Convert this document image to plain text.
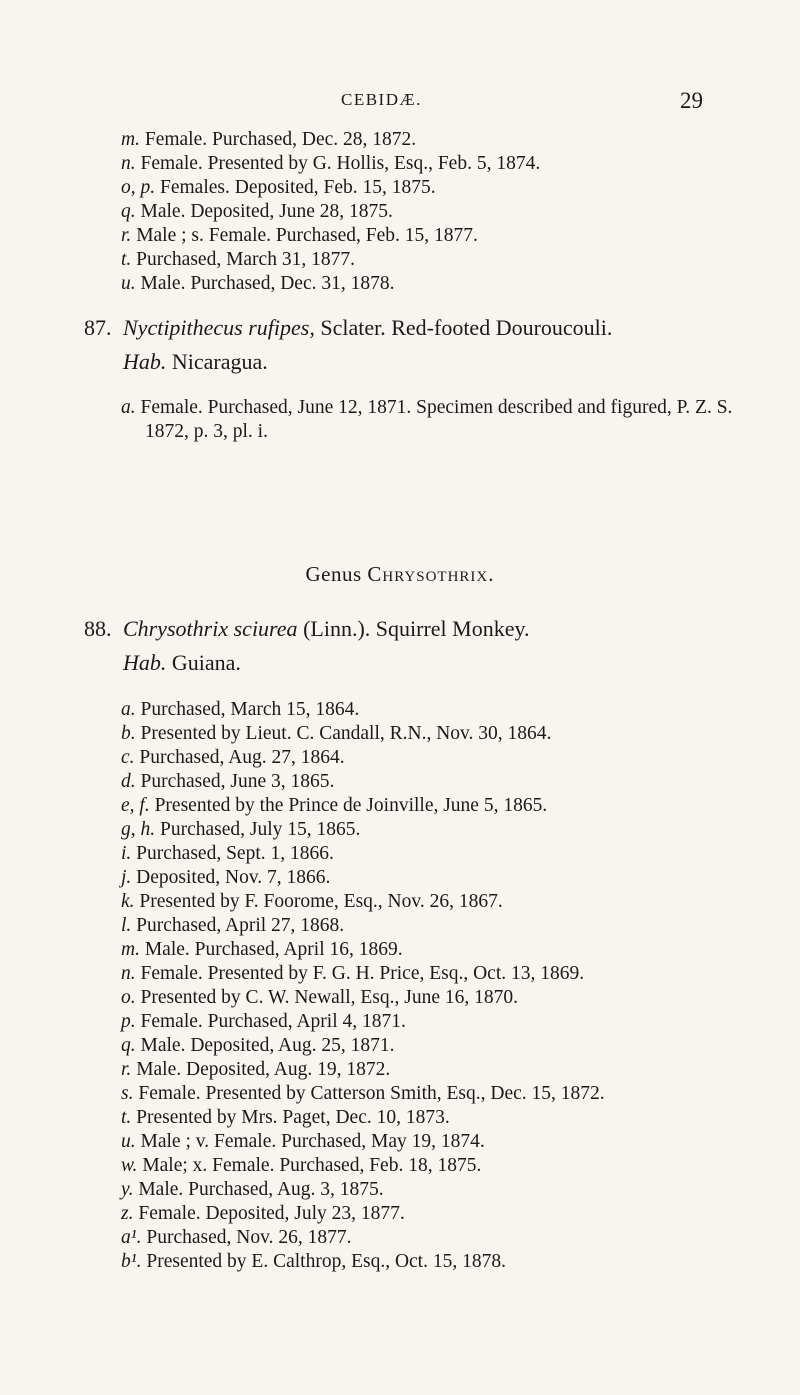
CEBIDÆ.	29
m. Female. Purchased, Dec. 28, 1872.
n. Female. Presented by G. Hollis, Esq., Feb. 5, 1874.
o, p. Females. Deposited, Feb. 15, 1875.
q. Male. Deposited, June 28, 1875.
r. Male ; s. Female. Purchased, Feb. 15, 1877.
t. Purchased, March 31, 1877.
u. Male. Purchased, Dec. 31, 1878.
87. Nyctipithecus rufipes, Sclater. Red-footed Douroucouli.
Hab. Nicaragua.
a. Female. Purchased, June 12, 1871. Specimen described and figured, P. Z. S. 1872, p. 3, pl. i.
Genus Chrysothrix.
88. Chrysothrix sciurea (Linn.). Squirrel Monkey.
Hab. Guiana.
a. Purchased, March 15, 1864.
b. Presented by Lieut. C. Candall, R.N., Nov. 30, 1864.
c. Purchased, Aug. 27, 1864.
d. Purchased, June 3, 1865.
e, f. Presented by the Prince de Joinville, June 5, 1865.
g, h. Purchased, July 15, 1865.
i. Purchased, Sept. 1, 1866.
j. Deposited, Nov. 7, 1866.
k. Presented by F. Foorome, Esq., Nov. 26, 1867.
l. Purchased, April 27, 1868.
m. Male. Purchased, April 16, 1869.
n. Female. Presented by F. G. H. Price, Esq., Oct. 13, 1869.
o. Presented by C. W. Newall, Esq., June 16, 1870.
p. Female. Purchased, April 4, 1871.
q. Male. Deposited, Aug. 25, 1871.
r. Male. Deposited, Aug. 19, 1872.
s. Female. Presented by Catterson Smith, Esq., Dec. 15, 1872.
t. Presented by Mrs. Paget, Dec. 10, 1873.
u. Male ; v. Female. Purchased, May 19, 1874.
w. Male; x. Female. Purchased, Feb. 18, 1875.
y. Male. Purchased, Aug. 3, 1875.
z. Female. Deposited, July 23, 1877.
a¹. Purchased, Nov. 26, 1877.
b¹. Presented by E. Calthrop, Esq., Oct. 15, 1878.
